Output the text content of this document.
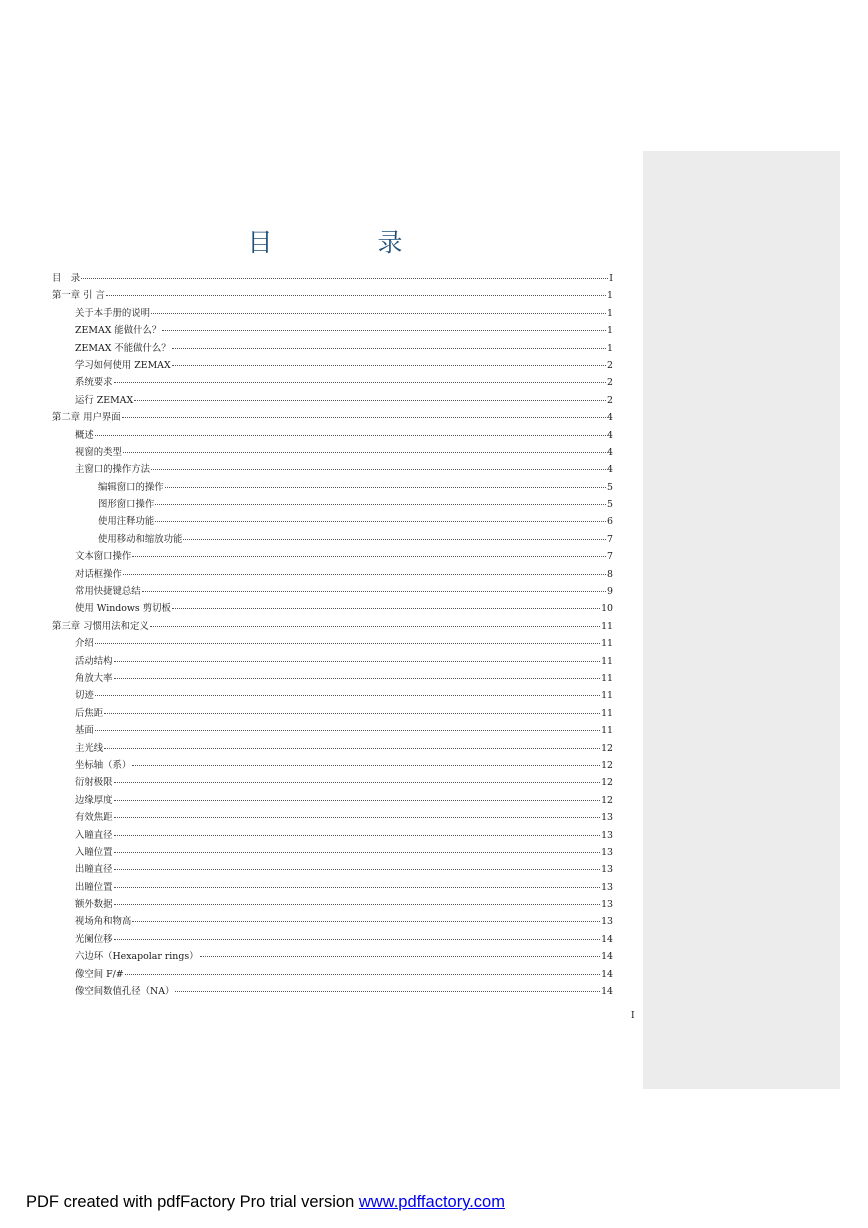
目　录
目　录	I
第一章 引 言	1
关于本手册的说明	1
ZEMAX 能做什么？	1
ZEMAX 不能做什么？	1
学习如何使用 ZEMAX	2
系统要求	2
运行 ZEMAX	2
第二章 用户界面	4
概述	4
视窗的类型	4
主窗口的操作方法	4
编辑窗口的操作	5
图形窗口操作	5
使用注释功能	6
使用移动和缩放功能	7
文本窗口操作	7
对话框操作	8
常用快捷键总结	9
使用 Windows 剪切板	10
第三章 习惯用法和定义	11
介绍	11
活动结构	11
角放大率	11
切迹	11
后焦距	11
基面	11
主光线	12
坐标轴（系）	12
衍射极限	12
边缘厚度	12
有效焦距	13
入瞳直径	13
入瞳位置	13
出瞳直径	13
出瞳位置	13
额外数据	13
视场角和物高	13
光阑位移	14
六边环（Hexapolar rings）	14
像空间 F/#	14
像空间数值孔径（NA）	14
I
PDF created with pdfFactory Pro trial version www.pdffactory.com
